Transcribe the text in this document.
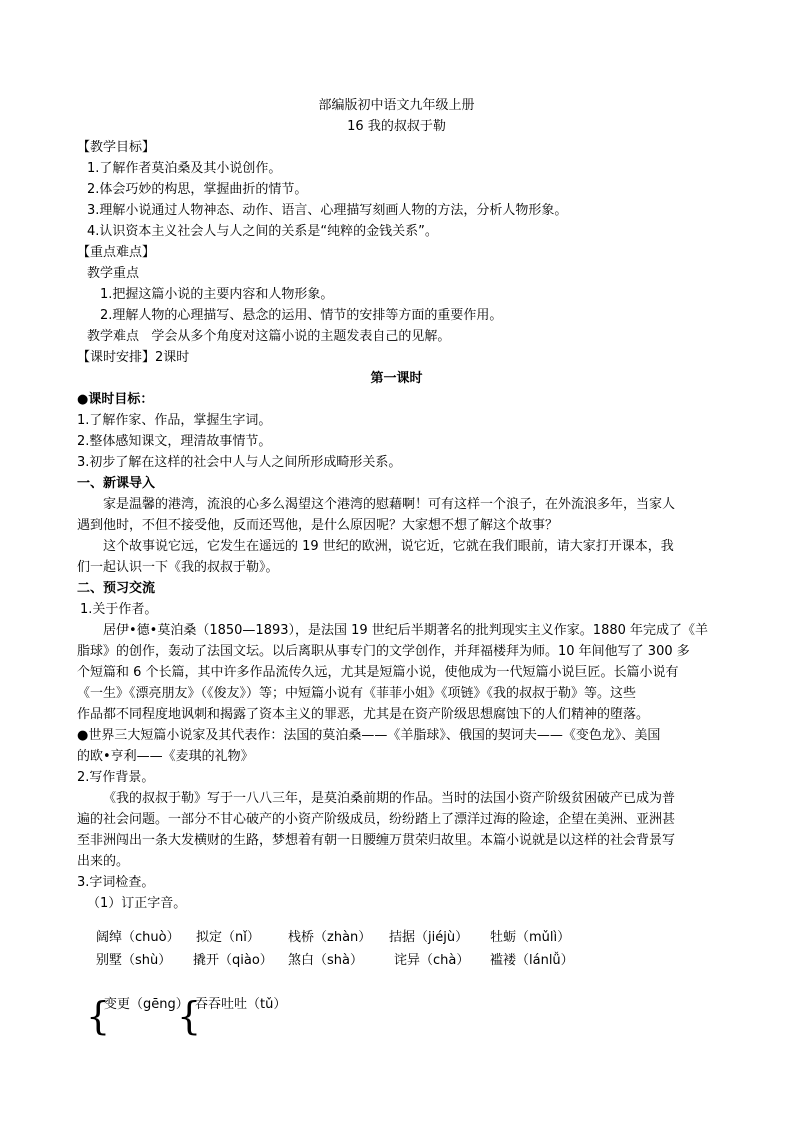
部编版初中语文九年级上册
16 我的叔叔于勒
【教学目标】
1.了解作者莫泊桑及其小说创作。
2.体会巧妙的构思，掌握曲折的情节。
3.理解小说通过人物神态、动作、语言、心理描写刻画人物的方法，分析人物形象。
4.认识资本主义社会人与人之间的关系是“纯粹的金钱关系”。
【重点难点】
教学重点
1.把握这篇小说的主要内容和人物形象。
2.理解人物的心理描写、悬念的运用、情节的安排等方面的重要作用。
教学难点   学会从多个角度对这篇小说的主题发表自己的见解。
【课时安排】2课时
第一课时
●课时目标：
1.了解作家、作品，掌握生字词。
2.整体感知课文，理清故事情节。
3.初步了解在这样的社会中人与人之间所形成畸形关系。
一、新课导入
家是温馨的港湾，流浪的心多么渴望这个港湾的慰藉啊！可有这样一个浪子，在外流浪多年，当家人
遇到他时，不但不接受他，反而还骂他，是什么原因呢？大家想不想了解这个故事？
这个故事说它远，它发生在遥远的 19 世纪的欧洲，说它近，它就在我们眼前，请大家打开课本，我
们一起认识一下《我的叔叔于勒》。
二、预习交流
1.关于作者。
居伊•德•莫泊桑（1850—1893），是法国 19 世纪后半期著名的批判现实主义作家。1880 年完成了《羊
脂球》的创作，轰动了法国文坛。以后离职从事专门的文学创作，并拜福楼拜为师。10 年间他写了 300 多
个短篇和 6 个长篇，其中许多作品流传久远，尤其是短篇小说，使他成为一代短篇小说巨匠。长篇小说有
《一生》《漂亮朋友》（《俊友》）等；中短篇小说有《菲菲小姐》《项链》《我的叔叔于勒》等。这些
作品都不同程度地讽刺和揭露了资本主义的罪恶，尤其是在资产阶级思想腐蚀下的人们精神的堕落。
●世界三大短篇小说家及其代表作：法国的莫泊桑——《羊脂球》、俄国的契诃夫——《变色龙》、美国
的欧•亨利——《麦琪的礼物》
2.写作背景。
《我的叔叔于勒》写于一八八三年，是莫泊桑前期的作品。当时的法国小资产阶级贫困破产已成为普
遍的社会问题。一部分不甘心破产的小资产阶级成员，纷纷踏上了漂洋过海的险途，企望在美洲、亚洲甚
至非洲闯出一条大发横财的生路，梦想着有朝一日腰缠万贯荣归故里。本篇小说就是以这样的社会背景写
出来的。
3.字词检查。
（1）订正字音。
阔绰（chuò） 拟定（nǐ） 栈桥（zhàn） 拮据（jiéjù） 牡蛎（mǔlì）
别墅（shù） 撬开（qiào） 煞白（shà） 诧异（chà） 褴褛（lánlǚ）
{
变更（gēng）
{
吞吞吐吐（tǔ）
